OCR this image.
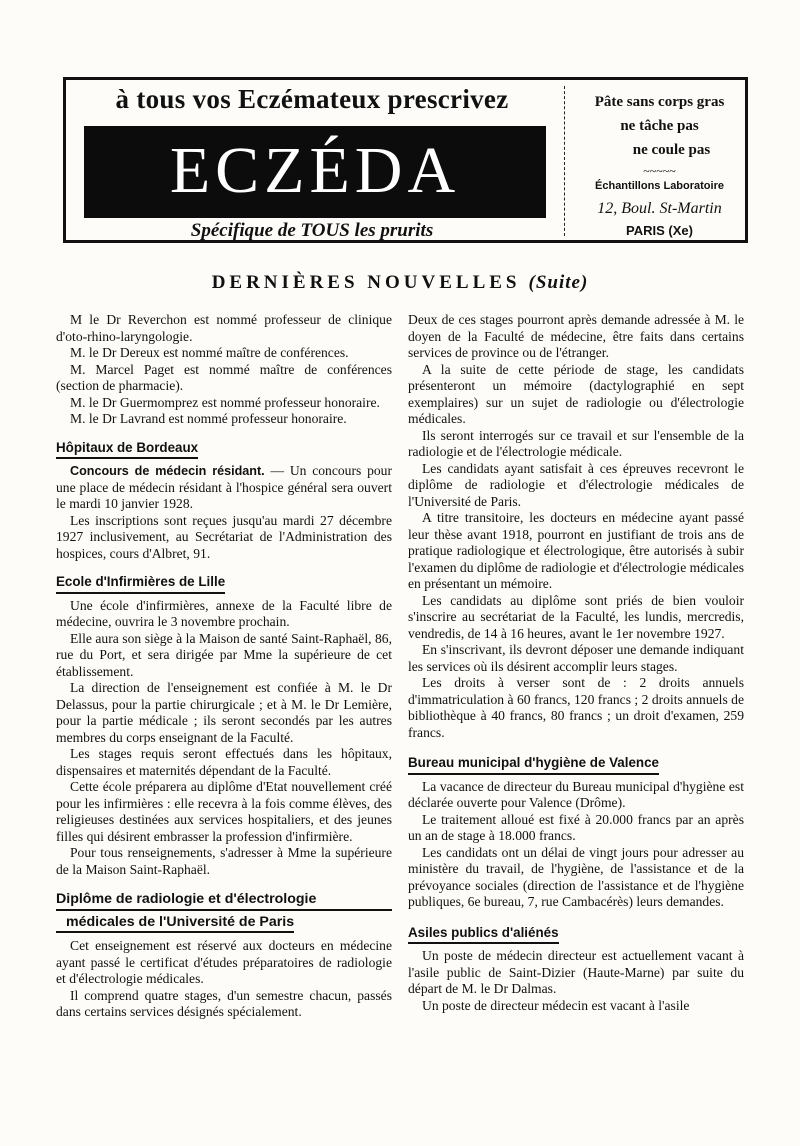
à tous vos Eczémateux prescrivez
ECZÉDA
Spécifique de TOUS les prurits
Pâte sans corps gras
ne tâche pas
ne coule pas
~~~~~
Échantillons Laboratoire
12, Boul. St-Martin
PARIS (Xe)
DERNIÈRES NOUVELLES (Suite)

M le Dr Reverchon est nommé professeur de clinique d'oto-rhino-laryngologie.

M. le Dr Dereux est nommé maître de conférences.

M. Marcel Paget est nommé maître de conférences (section de pharmacie).

M. le Dr Guermomprez est nommé professeur honoraire.

M. le Dr Lavrand est nommé professeur honoraire.

Hôpitaux de Bordeaux

Concours de médecin résidant. — Un concours pour une place de médecin résidant à l'hospice général sera ouvert le mardi 10 janvier 1928.

Les inscriptions sont reçues jusqu'au mardi 27 décembre 1927 inclusivement, au Secrétariat de l'Administration des hospices, cours d'Albret, 91.

Ecole d'Infirmières de Lille

Une école d'infirmières, annexe de la Faculté libre de médecine, ouvrira le 3 novembre prochain.

Elle aura son siège à la Maison de santé Saint-Raphaël, 86, rue du Port, et sera dirigée par Mme la supérieure de cet établissement.

La direction de l'enseignement est confiée à M. le Dr Delassus, pour la partie chirurgicale ; et à M. le Dr Lemière, pour la partie médicale ; ils seront secondés par les autres membres du corps enseignant de la Faculté.

Les stages requis seront effectués dans les hôpitaux, dispensaires et maternités dépendant de la Faculté.

Cette école préparera au diplôme d'Etat nouvellement créé pour les infirmières : elle recevra à la fois comme élèves, des religieuses destinées aux services hospitaliers, et des jeunes filles qui désirent embrasser la profession d'infirmière.

Pour tous renseignements, s'adresser à Mme la supérieure de la Maison Saint-Raphaël.

Diplôme de radiologie et d'électrologie
médicales de l'Université de Paris

Cet enseignement est réservé aux docteurs en médecine ayant passé le certificat d'études préparatoires de radiologie et d'électrologie médicales.

Il comprend quatre stages, d'un semestre chacun, passés dans certains services désignés spécialement.

Deux de ces stages pourront après demande adressée à M. le doyen de la Faculté de médecine, être faits dans certains services de province ou de l'étranger.

A la suite de cette période de stage, les candidats présenteront un mémoire (dactylographié en sept exemplaires) sur un sujet de radiologie ou d'électrologie médicales.

Ils seront interrogés sur ce travail et sur l'ensemble de la radiologie et de l'électrologie médicale.

Les candidats ayant satisfait à ces épreuves recevront le diplôme de radiologie et d'électrologie médicales de l'Université de Paris.

A titre transitoire, les docteurs en médecine ayant passé leur thèse avant 1918, pourront en justifiant de trois ans de pratique radiologique et électrologique, être autorisés à subir l'examen du diplôme de radiologie et d'électrologie médicales en présentant un mémoire.

Les candidats au diplôme sont priés de bien vouloir s'inscrire au secrétariat de la Faculté, les lundis, mercredis, vendredis, de 14 à 16 heures, avant le 1er novembre 1927.

En s'inscrivant, ils devront déposer une demande indiquant les services où ils désirent accomplir leurs stages.

Les droits à verser sont de : 2 droits annuels d'immatriculation à 60 francs, 120 francs ; 2 droits annuels de bibliothèque à 40 francs, 80 francs ; un droit d'examen, 259 francs.

Bureau municipal d'hygiène de Valence

La vacance de directeur du Bureau municipal d'hygiène est déclarée ouverte pour Valence (Drôme).

Le traitement alloué est fixé à 20.000 francs par an après un an de stage à 18.000 francs.

Les candidats ont un délai de vingt jours pour adresser au ministère du travail, de l'hygiène, de l'assistance et de la prévoyance sociales (direction de l'assistance et de l'hygiène publiques, 6e bureau, 7, rue Cambacérès) leurs demandes.

Asiles publics d'aliénés

Un poste de médecin directeur est actuellement vacant à l'asile public de Saint-Dizier (Haute-Marne) par suite du départ de M. le Dr Dalmas.

Un poste de directeur médecin est vacant à l'asile
